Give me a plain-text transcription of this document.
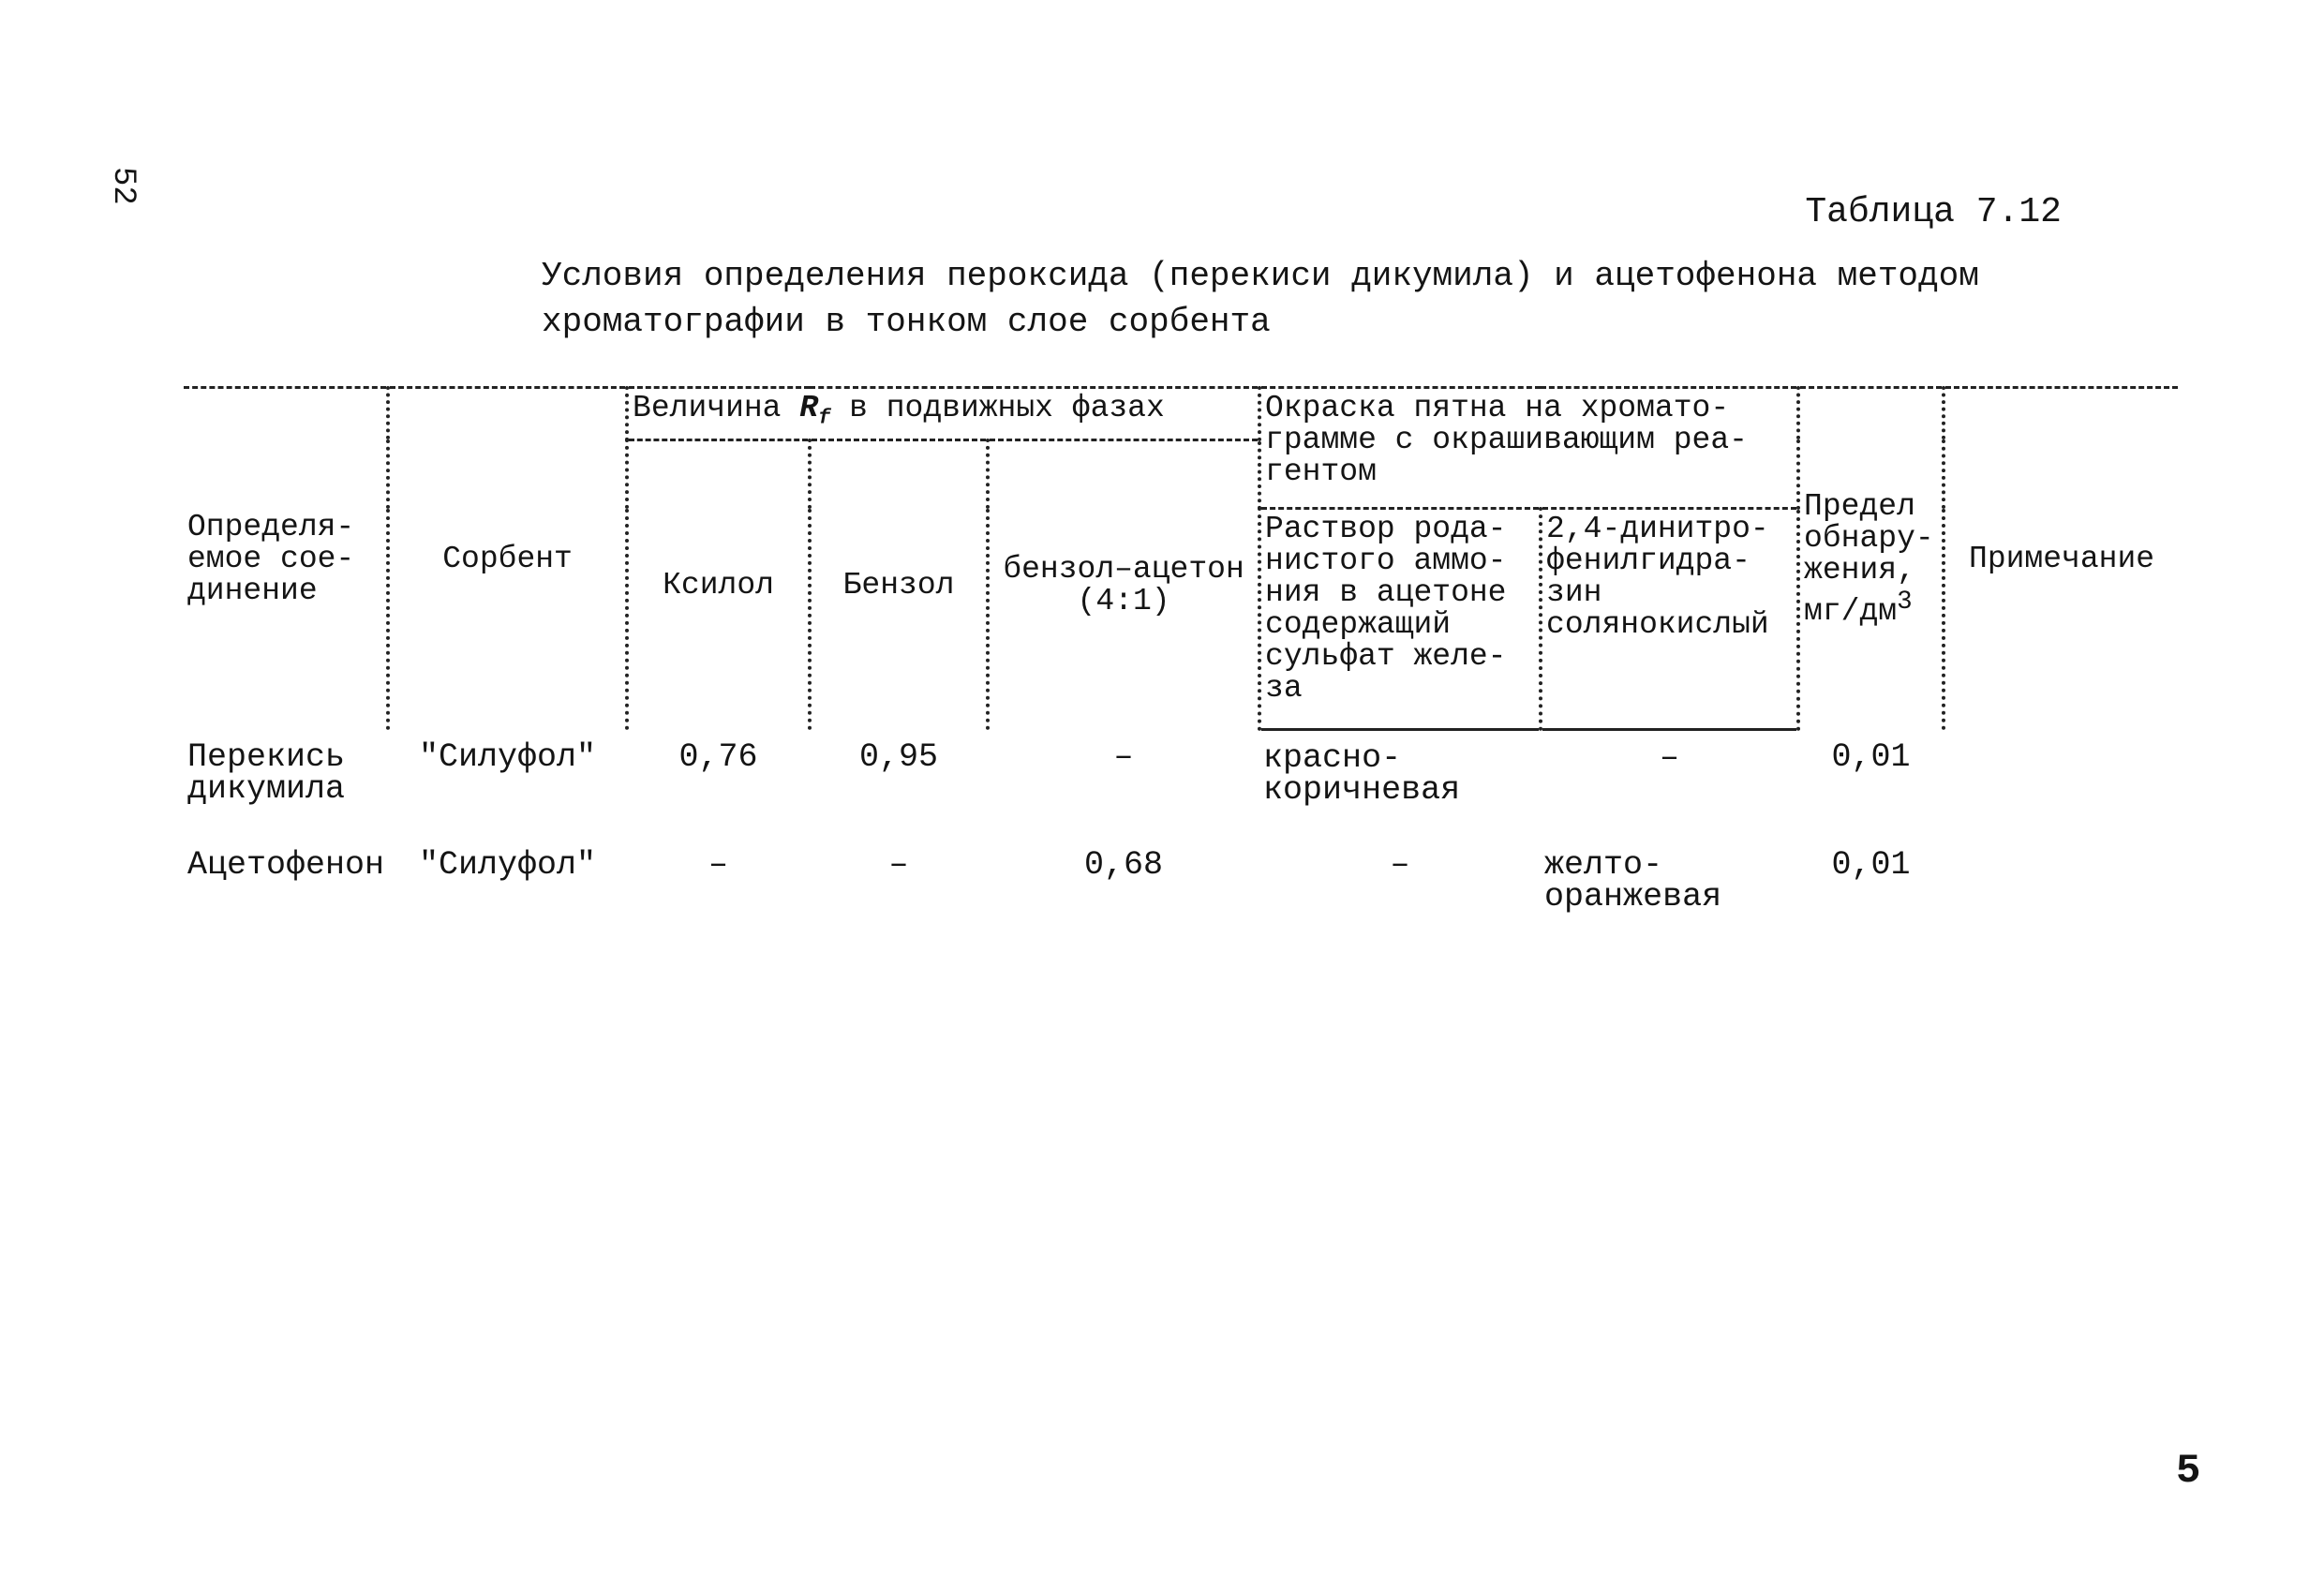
52
Таблица 7.12
Условия определения пероксида (перекиси дикумила) и ацетофенона методом
хроматографии в тонком слое сорбента
Определя-емое сое-динение	Сорбент	Величина $R_f$ в подвижных фазах			Окраска пятна на хромато-грамме с окрашивающим реа-гентом		Предел обнару-жения, $мг/дм^3$	Примечание
		Ксилол	Бензол	бензол–ацетон (4:1)				
					Раствор рода-нистого аммо-ния в ацетоне содержащий сульфат желе-за	2,4-динитро-фенилгидра-зин солянокислый		
Перекись дикумила	"Силуфол"	0,76	0,95	–	красно-коричневая	–	0,01	
Ацетофенон	"Силуфол"	–	–	0,68	–	желто-оранжевая	0,01	
5
